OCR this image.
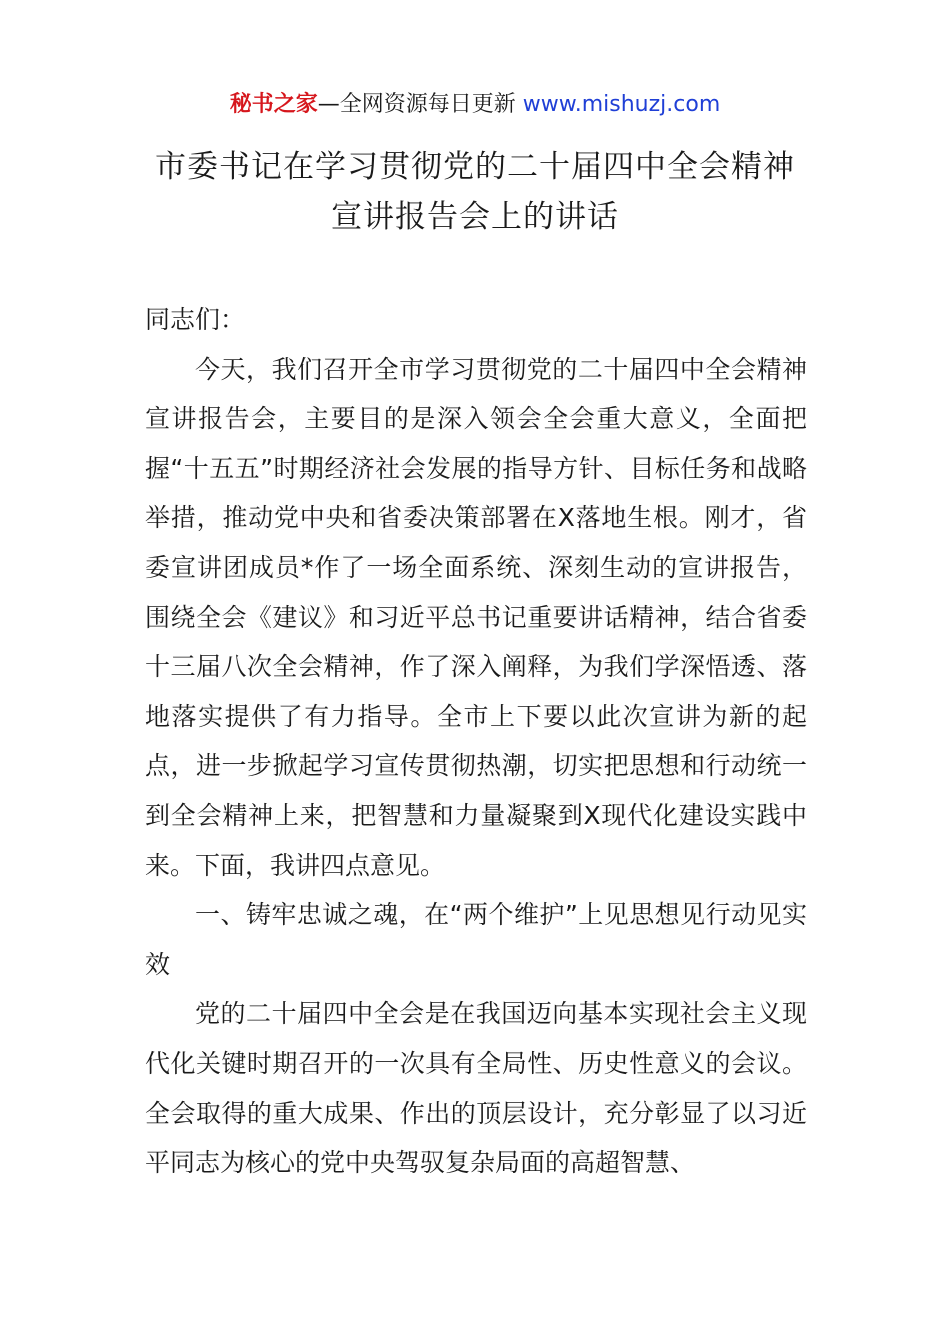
秘书之家—全网资源每日更新 www.mishuzj.com
市委书记在学习贯彻党的二十届四中全会精神
宣讲报告会上的讲话

同志们：

今天，我们召开全市学习贯彻党的二十届四中全会精神宣讲报告会，主要目的是深入领会全会重大意义，全面把握“十五五”时期经济社会发展的指导方针、目标任务和战略举措，推动党中央和省委决策部署在X落地生根。刚才，省委宣讲团成员*作了一场全面系统、深刻生动的宣讲报告，围绕全会《建议》和习近平总书记重要讲话精神，结合省委十三届八次全会精神，作了深入阐释，为我们学深悟透、落地落实提供了有力指导。全市上下要以此次宣讲为新的起点，进一步掀起学习宣传贯彻热潮，切实把思想和行动统一到全会精神上来，把智慧和力量凝聚到X现代化建设实践中来。下面，我讲四点意见。

一、铸牢忠诚之魂，在“两个维护”上见思想见行动见实效

党的二十届四中全会是在我国迈向基本实现社会主义现代化关键时期召开的一次具有全局性、历史性意义的会议。全会取得的重大成果、作出的顶层设计，充分彰显了以习近平同志为核心的党中央驾驭复杂局面的高超智慧、
